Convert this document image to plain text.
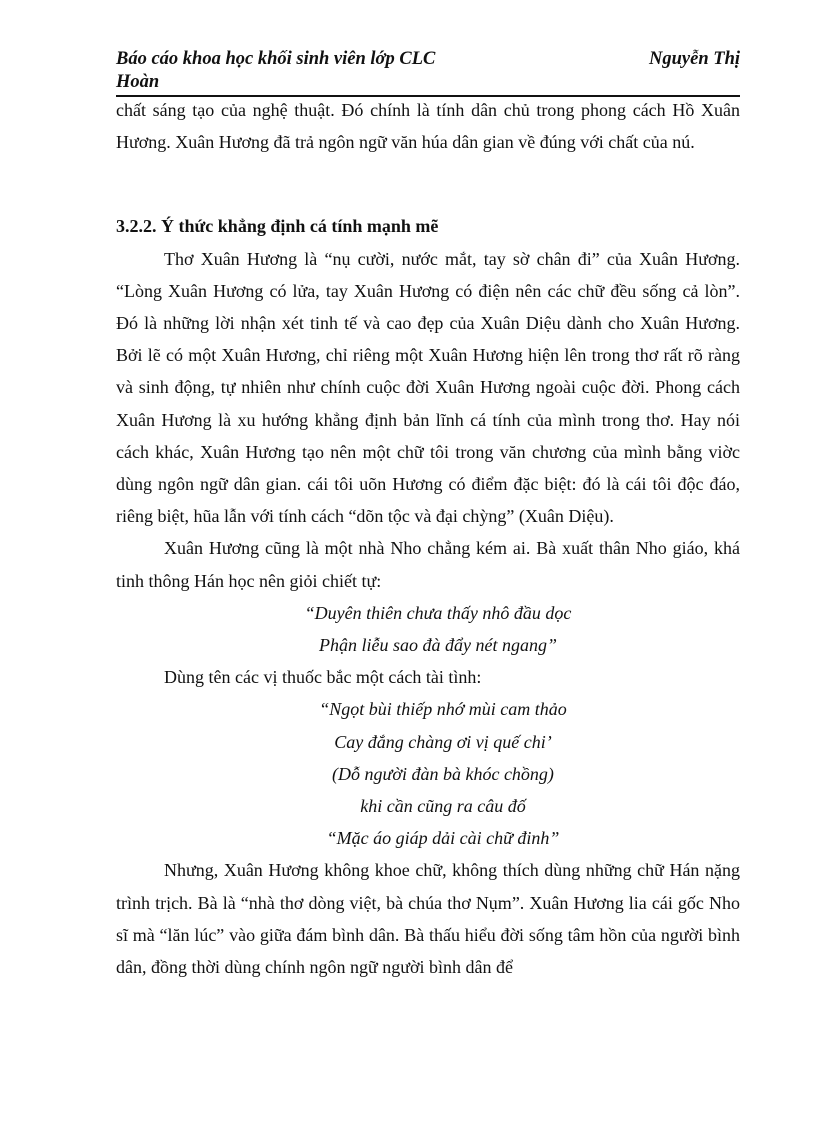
Báo cáo khoa học khối sinh viên lớp CLC	Nguyễn Thị
Hoàn

chất sáng tạo của nghệ thuật. Đó chính là tính dân chủ trong phong cách Hồ Xuân Hương. Xuân Hương đã trả ngôn ngữ văn húa dân gian về đúng với chất của nú.

3.2.2. Ý thức khẳng định cá tính mạnh mẽ

Thơ Xuân Hương là “nụ cười, nước mắt, tay sờ chân đi” của Xuân Hương. “Lòng Xuân Hương có lửa, tay Xuân Hương có điện nên các chữ đều sống cả lòn”. Đó là những lời nhận xét tinh tế và cao đẹp của Xuân Diệu dành cho Xuân Hương. Bởi lẽ có một Xuân Hương, chỉ riêng một Xuân Hương hiện lên trong thơ rất rõ ràng và sinh động, tự nhiên như chính cuộc đời Xuân Hương ngoài cuộc đời. Phong cách Xuân Hương là xu hướng khẳng định bản lĩnh cá tính của mình trong thơ. Hay nói cách khác, Xuân Hương tạo nên một chữ tôi trong văn chương của mình bằng viờc dùng ngôn ngữ dân gian. cái tôi uõn Hương có điểm đặc biệt: đó là cái tôi độc đáo, riêng biệt, hũa lẫn với tính cách “dõn tộc và đại chỳng” (Xuân Diệu).

Xuân Hương cũng là một nhà Nho chẳng kém ai. Bà xuất thân Nho giáo, khá tinh thông Hán học nên giỏi chiết tự:

“Duyên thiên chưa thấy nhô đầu dọc
Phận liễu sao đà đẩy nét ngang”

Dùng tên các vị thuốc bắc một cách tài tình:

“Ngọt bùi thiếp nhớ mùi cam thảo
Cay đắng chàng ơi vị quế chi’
(Dỗ người đàn bà khóc chồng)
khi cần cũng ra câu đố
“Mặc áo giáp dải cài chữ đinh”

Nhưng, Xuân Hương không khoe chữ, không thích dùng những chữ Hán nặng trình trịch. Bà là “nhà thơ dòng việt, bà chúa thơ Nụm”. Xuân Hương lia cái gốc Nho sĩ mà “lăn lúc” vào giữa đám bình dân. Bà thấu hiểu đời sống tâm hồn của người bình dân, đồng thời dùng chính ngôn ngữ người bình dân để
